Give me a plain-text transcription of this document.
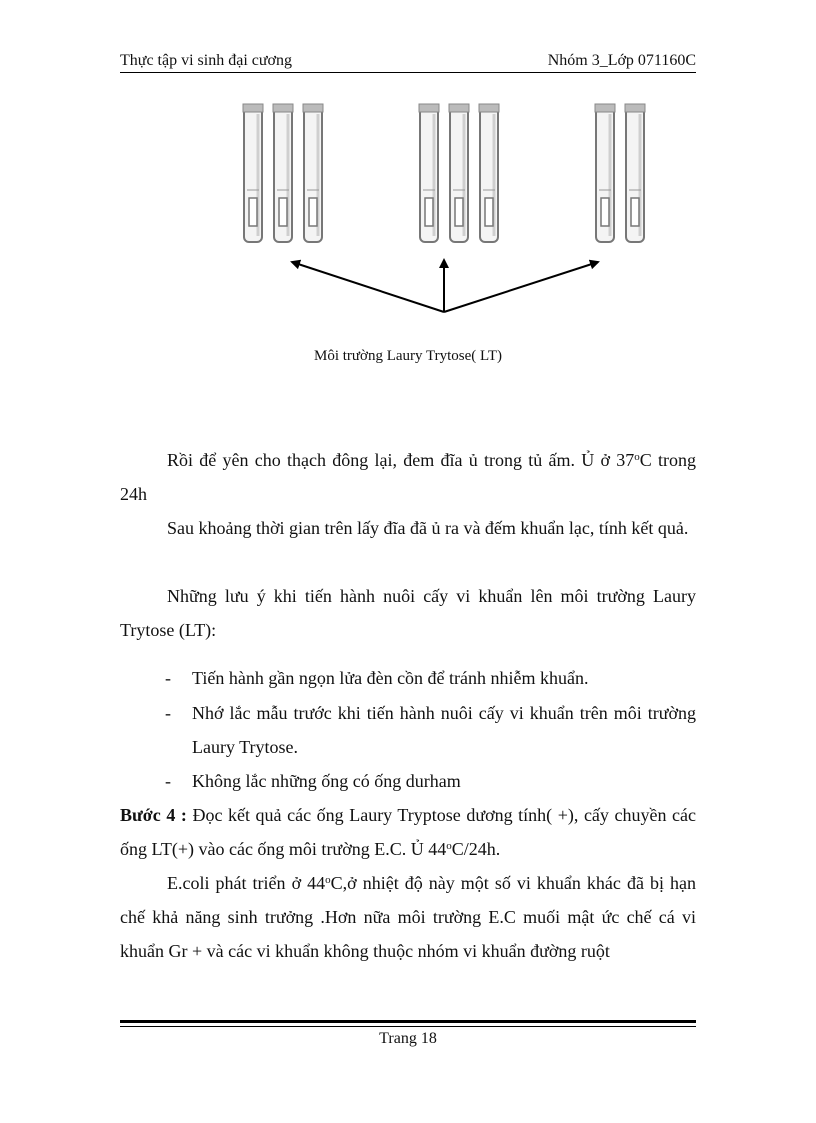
Thực tập vi sinh đại cương	Nhóm 3_Lớp 071160C
Môi trường Laury Trytose( LT)
Rồi để yên cho thạch đông lại, đem đĩa ủ trong tủ ấm. Ủ ở 37$^o$C trong 24h
Sau khoảng thời gian trên lấy đĩa đã ủ ra và đếm khuẩn lạc, tính kết quả.
Những lưu ý khi tiến hành nuôi cấy vi khuẩn lên môi trường Laury Trytose (LT):
- Tiến hành gần ngọn lửa đèn cồn để tránh nhiễm khuẩn.
- Nhớ lắc mẫu trước khi tiến hành nuôi cấy vi khuẩn trên môi trường Laury Trytose.
- Không lắc những ống có ống durham
Bước 4 : Đọc kết quả các ống Laury Tryptose dương tính( +), cấy chuyền các ống LT(+) vào các ống môi trường E.C. Ủ 44$^o$C/24h.
E.coli phát triển ở 44$^o$C,ở nhiệt độ này một số vi khuẩn khác đã bị hạn chế khả năng sinh trưởng .Hơn nữa môi trường E.C muối mật ức chế cá vi khuẩn Gr + và các vi khuẩn không thuộc nhóm vi khuẩn đường ruột
Trang 18
